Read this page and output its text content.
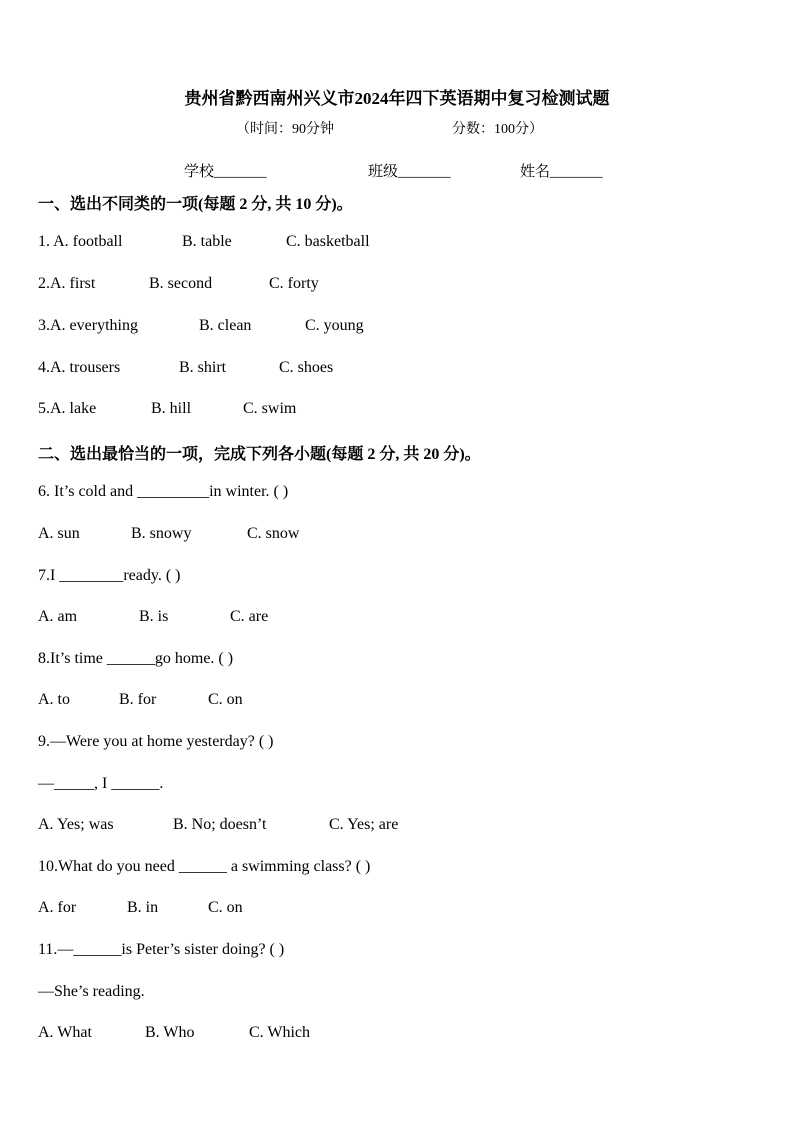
贵州省黔西南州兴义市2024年四下英语期中复习检测试题
（时间：90分钟	分数：100分）
学校_______	班级_______	姓名_______
一、选出不同类的一项(每题 2 分, 共 10 分)。
1. A. football	B. table	C. basketball
2.A. first	B. second	C. forty
3.A. everything	B. clean	C. young
4.A. trousers	B. shirt	C. shoes
5.A. lake	B. hill	C. swim
二、选出最恰当的一项，完成下列各小题(每题 2 分, 共 20 分)。
6. It’s cold and _________in winter. ( )
A. sun	B. snowy	C. snow
7.I ________ready. ( )
A. am	B. is	C. are
8.It’s time ______go home. ( )
A. to	B. for	C. on
9.—Were you at home yesterday? ( )
—_____, I ______.
A. Yes; was	B. No; doesn’t	C. Yes; are
10.What do you need ______ a swimming class? ( )
A. for	B. in	C. on
11.—______is Peter’s sister doing? ( )
—She’s reading.
A. What	B. Who	C. Which
